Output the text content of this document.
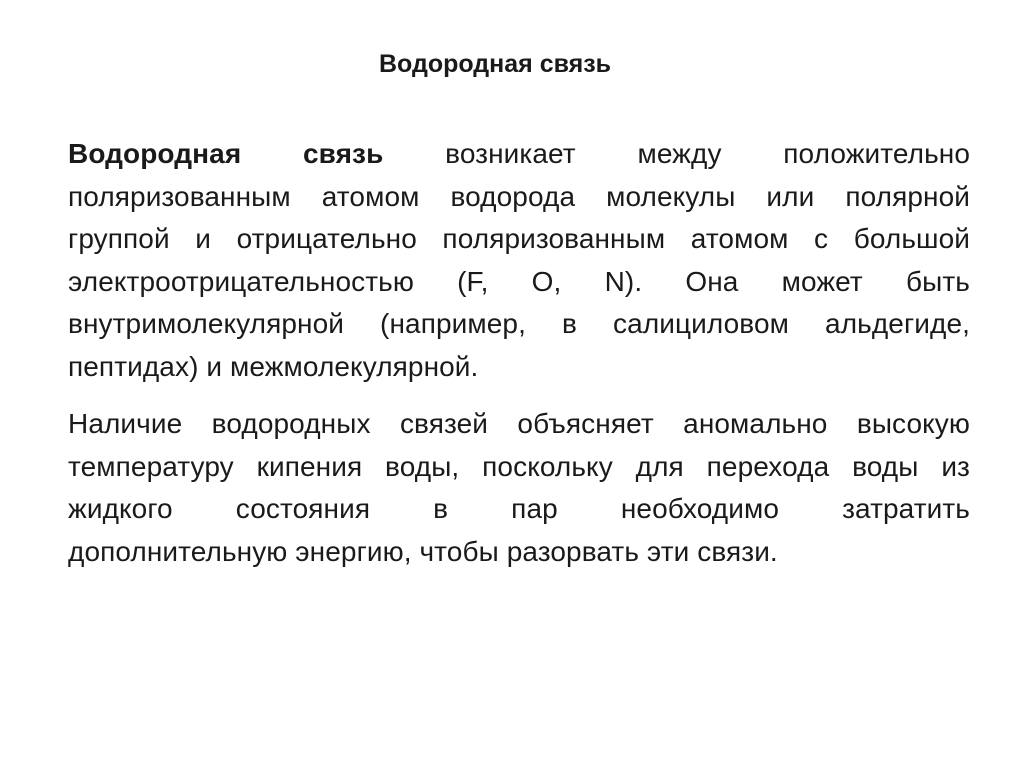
Водородная связь
Водородная связь возникает между положительно
поляризованным атомом водорода молекулы или полярной
группой и отрицательно поляризованным атомом с большой
электроотрицательностью (F, O, N). Она может быть
внутримолекулярной (например, в салициловом альдегиде,
пептидах) и межмолекулярной.
Наличие водородных связей объясняет аномально высокую
температуру кипения воды, поскольку для перехода воды из
жидкого состояния в пар необходимо затратить
дополнительную энергию, чтобы разорвать эти связи.
